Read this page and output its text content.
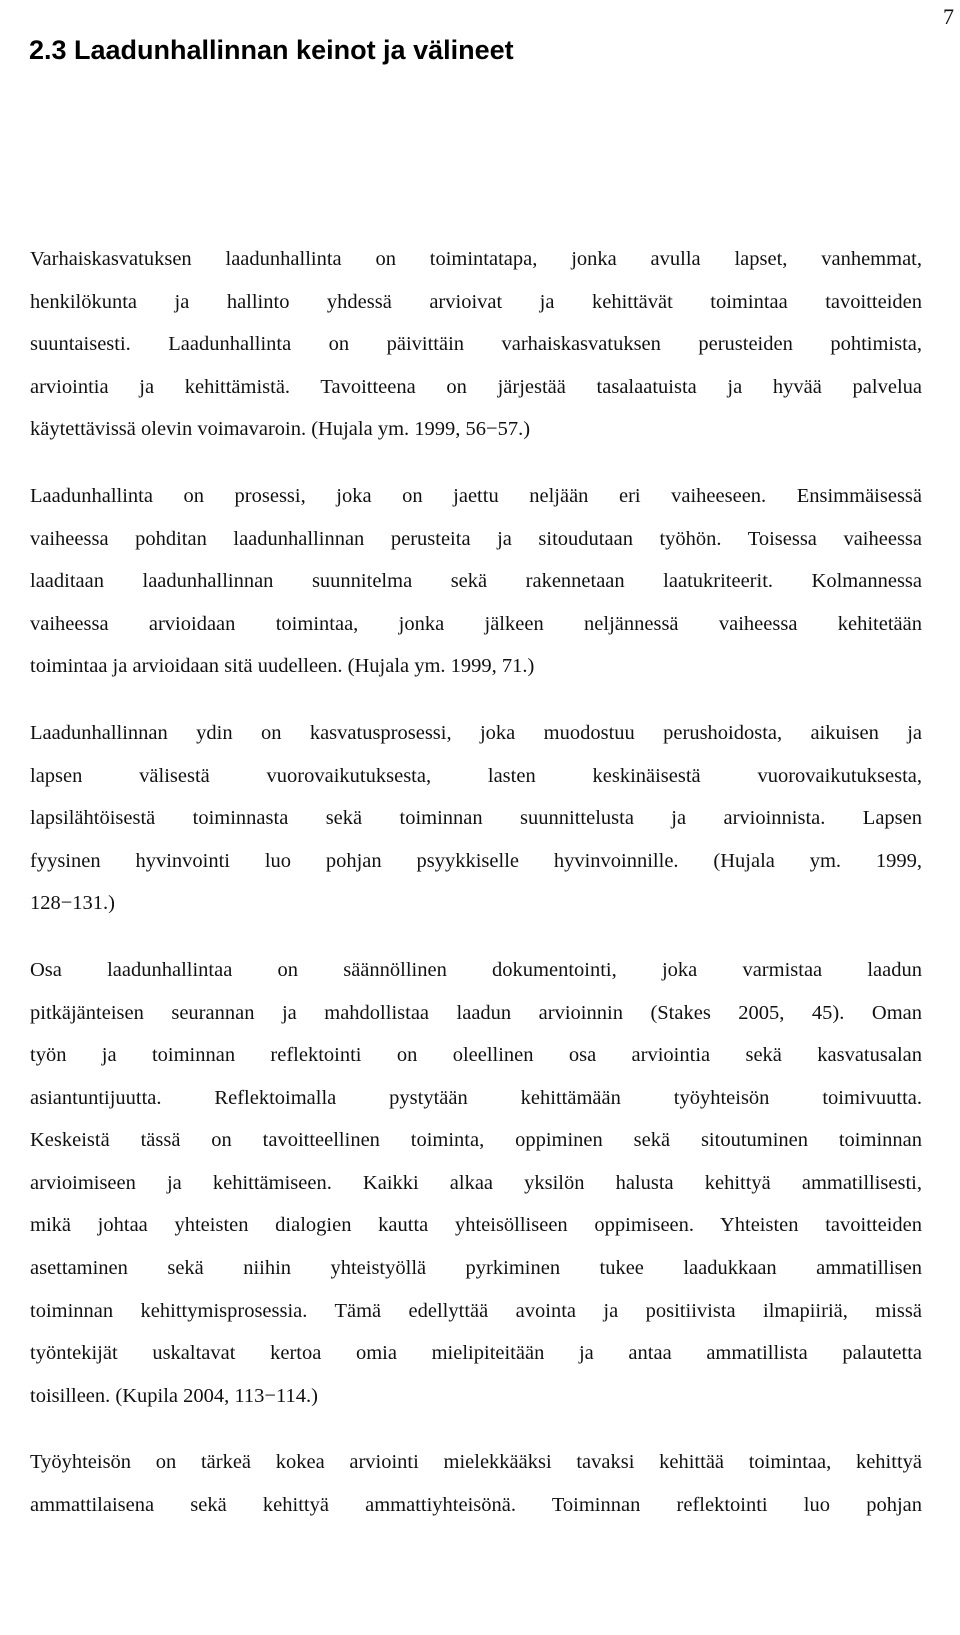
7
2.3 Laadunhallinnan keinot ja välineet
Varhaiskasvatuksen laadunhallinta on toimintatapa, jonka avulla lapset, vanhemmat,
henkilökunta ja hallinto yhdessä arvioivat ja kehittävät toimintaa tavoitteiden
suuntaisesti. Laadunhallinta on päivittäin varhaiskasvatuksen perusteiden pohtimista,
arviointia ja kehittämistä. Tavoitteena on järjestää tasalaatuista ja hyvää palvelua
käytettävissä olevin voimavaroin. (Hujala ym. 1999, 56−57.)
Laadunhallinta on prosessi, joka on jaettu neljään eri vaiheeseen. Ensimmäisessä
vaiheessa pohditan laadunhallinnan perusteita ja sitoudutaan työhön. Toisessa vaiheessa
laaditaan laadunhallinnan suunnitelma sekä rakennetaan laatukriteerit. Kolmannessa
vaiheessa arvioidaan toimintaa, jonka jälkeen neljännessä vaiheessa kehitetään
toimintaa ja arvioidaan sitä uudelleen. (Hujala ym. 1999, 71.)
Laadunhallinnan ydin on kasvatusprosessi, joka muodostuu perushoidosta, aikuisen ja
lapsen välisestä vuorovaikutuksesta, lasten keskinäisestä vuorovaikutuksesta,
lapsilähtöisestä toiminnasta sekä toiminnan suunnittelusta ja arvioinnista. Lapsen
fyysinen hyvinvointi luo pohjan psyykkiselle hyvinvoinnille. (Hujala ym. 1999,
128−131.)
Osa laadunhallintaa on säännöllinen dokumentointi, joka varmistaa laadun
pitkäjänteisen seurannan ja mahdollistaa laadun arvioinnin (Stakes 2005, 45). Oman
työn ja toiminnan reflektointi on oleellinen osa arviointia sekä kasvatusalan
asiantuntijuutta. Reflektoimalla pystytään kehittämään työyhteisön toimivuutta.
Keskeistä tässä on tavoitteellinen toiminta, oppiminen sekä sitoutuminen toiminnan
arvioimiseen ja kehittämiseen. Kaikki alkaa yksilön halusta kehittyä ammatillisesti,
mikä johtaa yhteisten dialogien kautta yhteisölliseen oppimiseen. Yhteisten tavoitteiden
asettaminen sekä niihin yhteistyöllä pyrkiminen tukee laadukkaan ammatillisen
toiminnan kehittymisprosessia. Tämä edellyttää avointa ja positiivista ilmapiiriä, missä
työntekijät uskaltavat kertoa omia mielipiteitään ja antaa ammatillista palautetta
toisilleen. (Kupila 2004, 113−114.)
Työyhteisön on tärkeä kokea arviointi mielekkääksi tavaksi kehittää toimintaa, kehittyä
ammattilaisena sekä kehittyä ammattiyhteisönä. Toiminnan reflektointi luo pohjan
